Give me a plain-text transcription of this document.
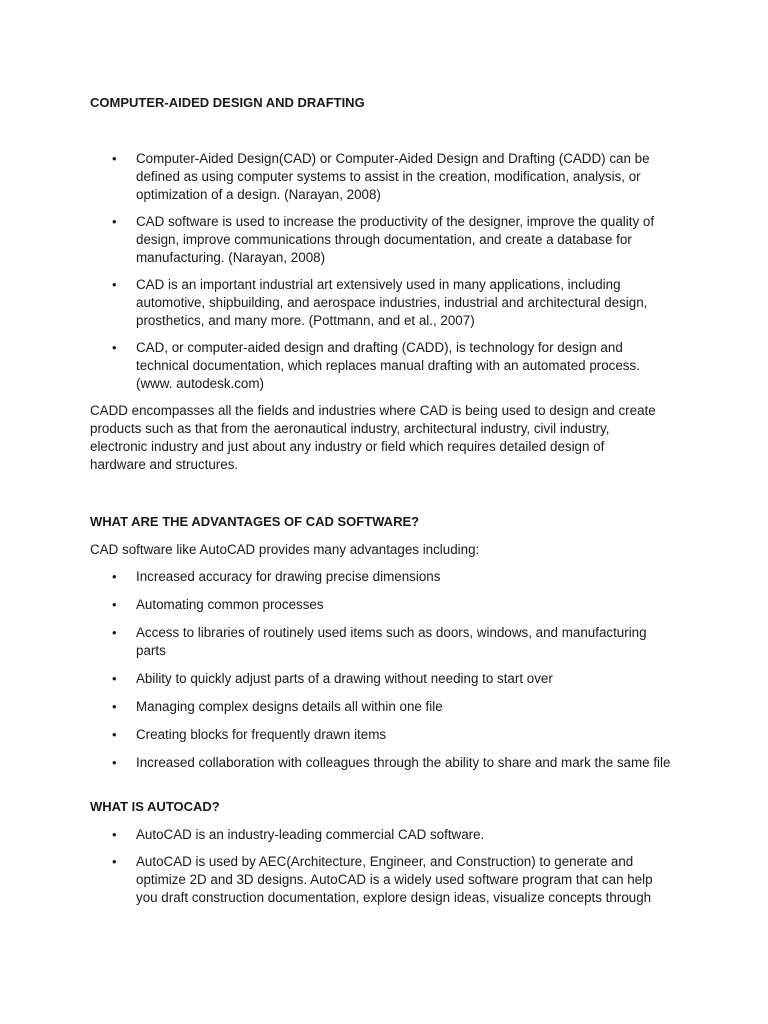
COMPUTER-AIDED DESIGN AND DRAFTING
• Computer-Aided Design(CAD) or Computer-Aided Design and Drafting (CADD) can be defined as using computer systems to assist in the creation, modification, analysis, or optimization of a design. (Narayan, 2008)
• CAD software is used to increase the productivity of the designer, improve the quality of design, improve communications through documentation, and create a database for manufacturing. (Narayan, 2008)
• CAD is an important industrial art extensively used in many applications, including automotive, shipbuilding, and aerospace industries, industrial and architectural design, prosthetics, and many more. (Pottmann, and et al., 2007)
• CAD, or computer-aided design and drafting (CADD), is technology for design and technical documentation, which replaces manual drafting with an automated process. (www. autodesk.com)

CADD encompasses all the fields and industries where CAD is being used to design and create products such as that from the aeronautical industry, architectural industry, civil industry, electronic industry and just about any industry or field which requires detailed design of hardware and structures.

WHAT ARE THE ADVANTAGES OF CAD SOFTWARE?

CAD software like AutoCAD provides many advantages including:

• Increased accuracy for drawing precise dimensions
• Automating common processes
• Access to libraries of routinely used items such as doors, windows, and manufacturing parts
• Ability to quickly adjust parts of a drawing without needing to start over
• Managing complex designs details all within one file
• Creating blocks for frequently drawn items
• Increased collaboration with colleagues through the ability to share and mark the same file
WHAT IS AUTOCAD?
• AutoCAD is an industry-leading commercial CAD software.
• AutoCAD is used by AEC(Architecture, Engineer, and Construction) to generate and optimize 2D and 3D designs. AutoCAD is a widely used software program that can help you draft construction documentation, explore design ideas, visualize concepts through
